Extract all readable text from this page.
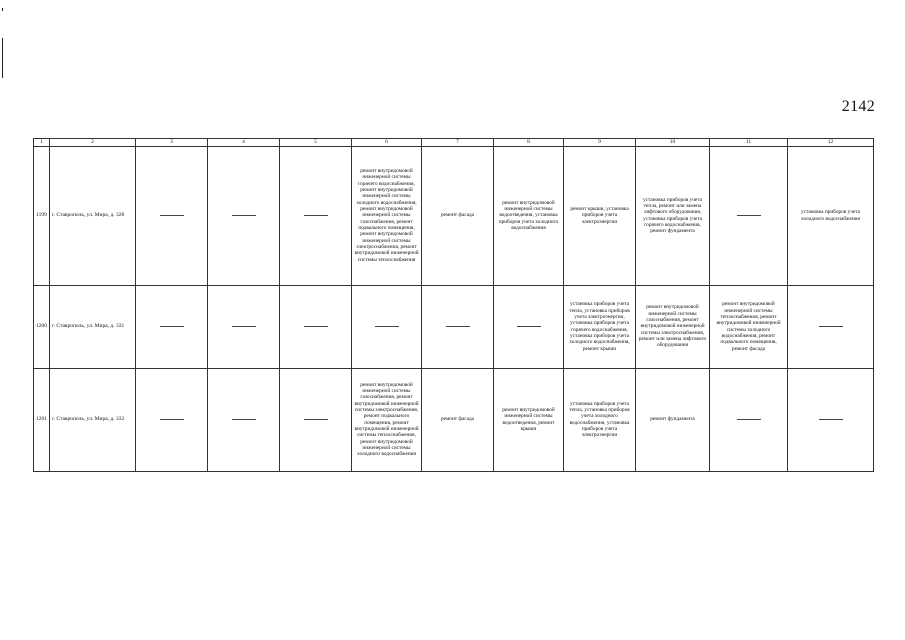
2142
1	2	3	4	5	6	7	8	9	10	11	12
1199	г. Ставрополь, ул. Мира, д. 328				ремонт внутридомовой инженерной системы горячего водоснабжения, ремонт внутридомовой инженерной системы холодного водоснабжения, ремонт внутридомовой инженерной системы газоснабжения, ремонт подвального помещения, ремонт внутридомовой инженерной системы электроснабжения, ремонт внутридомовой инженерной системы теплоснабжения	ремонт фасада	ремонт внутридомовой инженерной системы водоотведения, установка приборов учета холодного водоснабжения	ремонт крыши, установка приборов учета электроэнергии	установка приборов учета тепла, ремонт или замена лифтового оборудования, установка приборов учета горячего водоснабжения, ремонт фундамента		установка приборов учета холодного водоснабжения
1200	г. Ставрополь, ул. Мира, д. 331							установка приборов учета тепла, установка приборов учета электроэнергии, установка приборов учета горячего водоснабжения, установка приборов учета холодного водоснабжения, ремонт крыши	ремонт внутридомовой инженерной системы газоснабжения, ремонт внутридомовой инженерной системы электроснабжения, ремонт или замена лифтового оборудования	ремонт внутридомовой инженерной системы теплоснабжения, ремонт внутридомовой инженерной системы холодного водоснабжения, ремонт подвального помещения, ремонт фасада	
1201	г. Ставрополь, ул. Мира, д. 332				ремонт внутридомовой инженерной системы газоснабжения, ремонт внутридомовой инженерной системы электроснабжения, ремонт подвального помещения, ремонт внутридомовой инженерной системы теплоснабжения, ремонт внутридомовой инженерной системы холодного водоснабжения	ремонт фасада	ремонт внутридомовой инженерной системы водоотведения, ремонт крыши	установка приборов учета тепла, установка приборов учета холодного водоснабжения, установка приборов учета электроэнергии	ремонт фундамента		
